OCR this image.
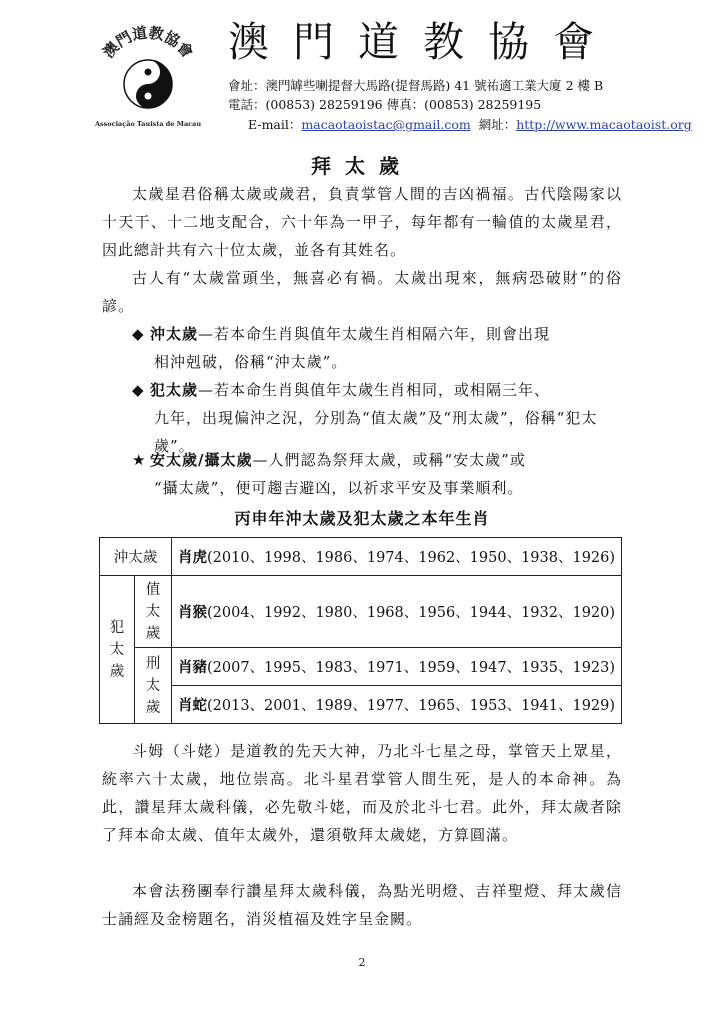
澳門道教協會
Associação Tauista de Macau
澳門道教協會
會址：澳門罅些喇提督大馬路(提督馬路) 41 號祐適工業大廈 2 樓 B
電話：(00853) 28259196 傳真：(00853) 28259195
E-mail：macaotaoistac@gmail.com 網址：http://www.macaotaoist.org
拜太歲

太歲星君俗稱太歲或歲君，負責掌管人間的吉凶禍福。古代陰陽家以十天干、十二地支配合，六十年為一甲子，每年都有一輪值的太歲星君，因此總計共有六十位太歲，並各有其姓名。

古人有“太歲當頭坐，無喜必有禍。太歲出現來，無病恐破財”的俗諺。

◆ 沖太歲—若本命生肖與值年太歲生肖相隔六年，則會出現
相沖剋破，俗稱“沖太歲”。

◆ 犯太歲—若本命生肖與值年太歲生肖相同，或相隔三年、
九年，出現偏沖之況，分別為“值太歲”及“刑太歲”，俗稱“犯太歲”。

★ 安太歲/攝太歲—人們認為祭拜太歲，或稱“安太歲”或
“攝太歲”，便可趨吉避凶，以祈求平安及事業順利。

丙申年沖太歲及犯太歲之本年生肖
沖太歲		肖虎(2010、1998、1986、1974、1962、1950、1938、1926)

犯太歲	值太歲	肖猴(2004、1992、1980、1968、1956、1944、1932、1920)

	刑太歲	肖豬(2007、1995、1983、1971、1959、1947、1935、1923)
		肖蛇(2013、2001、1989、1977、1965、1953、1941、1929)

斗姆（斗姥）是道教的先天大神，乃北斗七星之母，掌管天上眾星，統率六十太歲，地位崇高。北斗星君掌管人間生死，是人的本命神。為此，讚星拜太歲科儀，必先敬斗姥，而及於北斗七君。此外，拜太歲者除了拜本命太歲、值年太歲外，還須敬拜太歲姥，方算圓滿。

本會法務團奉行讚星拜太歲科儀，為點光明燈、吉祥聖燈、拜太歲信士誦經及金榜題名，消災植福及姓字呈金闕。

2
